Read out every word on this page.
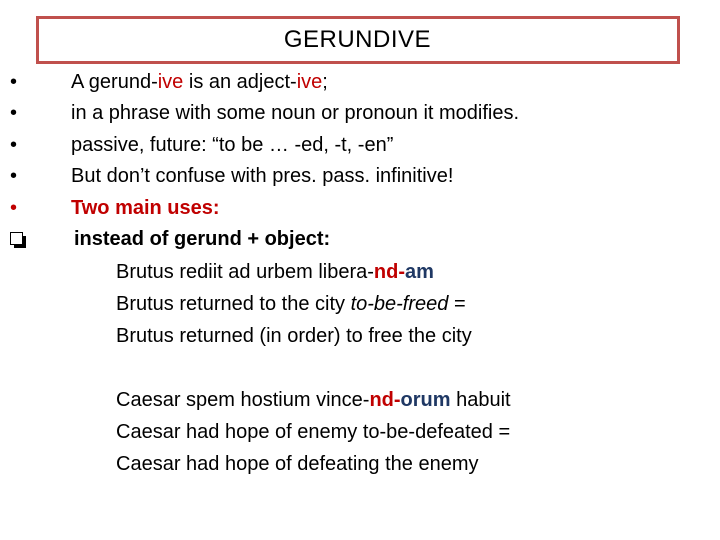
GERUNDIVE
•	A gerund-ive is an adject-ive;
•	in a phrase with some noun or pronoun it modifies.
•	passive, future: “to be … -ed, -t, -en”
•	But don’t confuse with pres. pass. infinitive!
•	Two main uses:
instead of gerund + object:
Brutus rediit ad urbem libera-nd-am
Brutus returned to the city to-be-freed =
Brutus returned (in order) to free the city
Caesar spem hostium vince-nd-orum habuit
Caesar had hope of enemy to-be-defeated =
Caesar had hope of defeating the enemy
